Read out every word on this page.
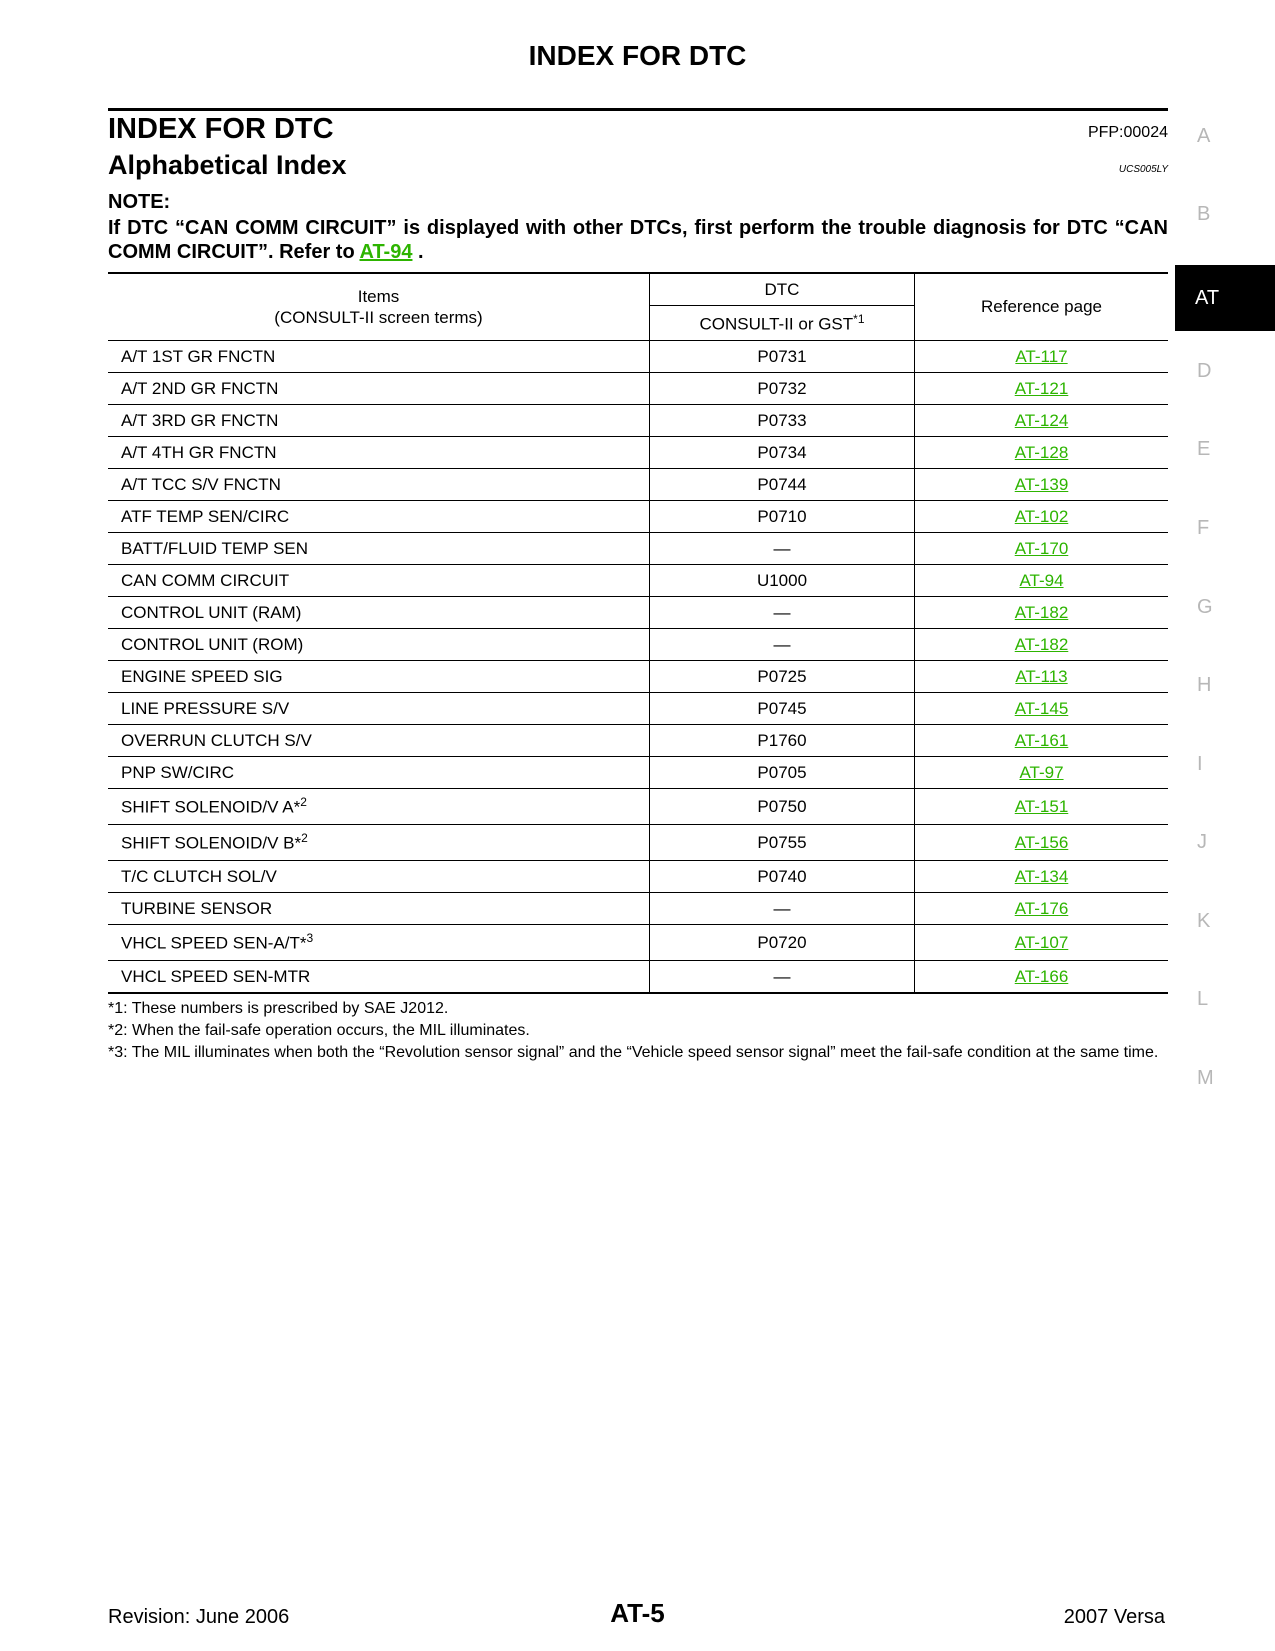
INDEX FOR DTC
INDEX FOR DTC	PFP:00024
Alphabetical Index	UCS005LY
NOTE:
If DTC “CAN COMM CIRCUIT” is displayed with other DTCs, first perform the trouble diagnosis for DTC “CAN COMM CIRCUIT”. Refer to AT-94 .
Items
(CONSULT-II screen terms)	DTC	Reference page
	CONSULT-II or GST$^{*1}$
A/T 1ST GR FNCTN	P0731	AT-117
A/T 2ND GR FNCTN	P0732	AT-121
A/T 3RD GR FNCTN	P0733	AT-124
A/T 4TH GR FNCTN	P0734	AT-128
A/T TCC S/V FNCTN	P0744	AT-139
ATF TEMP SEN/CIRC	P0710	AT-102
BATT/FLUID TEMP SEN	—	AT-170
CAN COMM CIRCUIT	U1000	AT-94
CONTROL UNIT (RAM)	—	AT-182
CONTROL UNIT (ROM)	—	AT-182
ENGINE SPEED SIG	P0725	AT-113
LINE PRESSURE S/V	P0745	AT-145
OVERRUN CLUTCH S/V	P1760	AT-161
PNP SW/CIRC	P0705	AT-97
SHIFT SOLENOID/V A*$^2$	P0750	AT-151
SHIFT SOLENOID/V B*$^2$	P0755	AT-156
T/C CLUTCH SOL/V	P0740	AT-134
TURBINE SENSOR	—	AT-176
VHCL SPEED SEN-A/T*$^3$	P0720	AT-107
VHCL SPEED SEN-MTR	—	AT-166
*1: These numbers is prescribed by SAE J2012.
*2: When the fail-safe operation occurs, the MIL illuminates.
*3: The MIL illuminates when both the “Revolution sensor signal” and the “Vehicle speed sensor signal” meet the fail-safe condition at the same time.
A
B
AT
D
E
F
G
H
I
J
K
L
M
Revision: June 2006	AT-5	2007 Versa
